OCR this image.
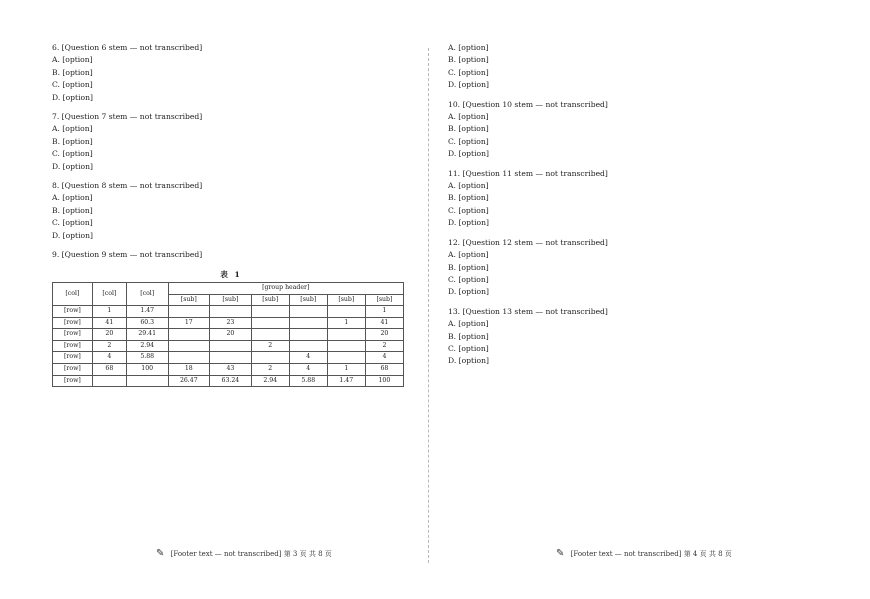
6. [Question 6 stem — not transcribed]

A. [option]

B. [option]

C. [option]

D. [option]

7. [Question 7 stem — not transcribed]

A. [option]

B. [option]

C. [option]

D. [option]

8. [Question 8 stem — not transcribed]

A. [option]

B. [option]

C. [option]

D. [option]

9. [Question 9 stem — not transcribed]

表 1
[col]	[col]	[col]	[group header]					
			[sub]	[sub]	[sub]	[sub]	[sub]	[sub]
[row]	1	1.47						1
[row]	41	60.3	17	23			1	41
[row]	20	29.41		20				20
[row]	2	2.94			2			2
[row]	4	5.88				4		4
[row]	68	100	18	43	2	4	1	68
[row]			26.47	63.24	2.94	5.88	1.47	100

A. [option]

B. [option]

C. [option]

D. [option]

10. [Question 10 stem — not transcribed]

A. [option]

B. [option]

C. [option]

D. [option]

11. [Question 11 stem — not transcribed]

A. [option]

B. [option]

C. [option]

D. [option]

12. [Question 12 stem — not transcribed]

A. [option]

B. [option]

C. [option]

D. [option]

13. [Question 13 stem — not transcribed]

A. [option]

B. [option]

C. [option]

D. [option]

✎ [Footer text — not transcribed] 第 3 页 共 8 页	✎ [Footer text — not transcribed] 第 4 页 共 8 页
